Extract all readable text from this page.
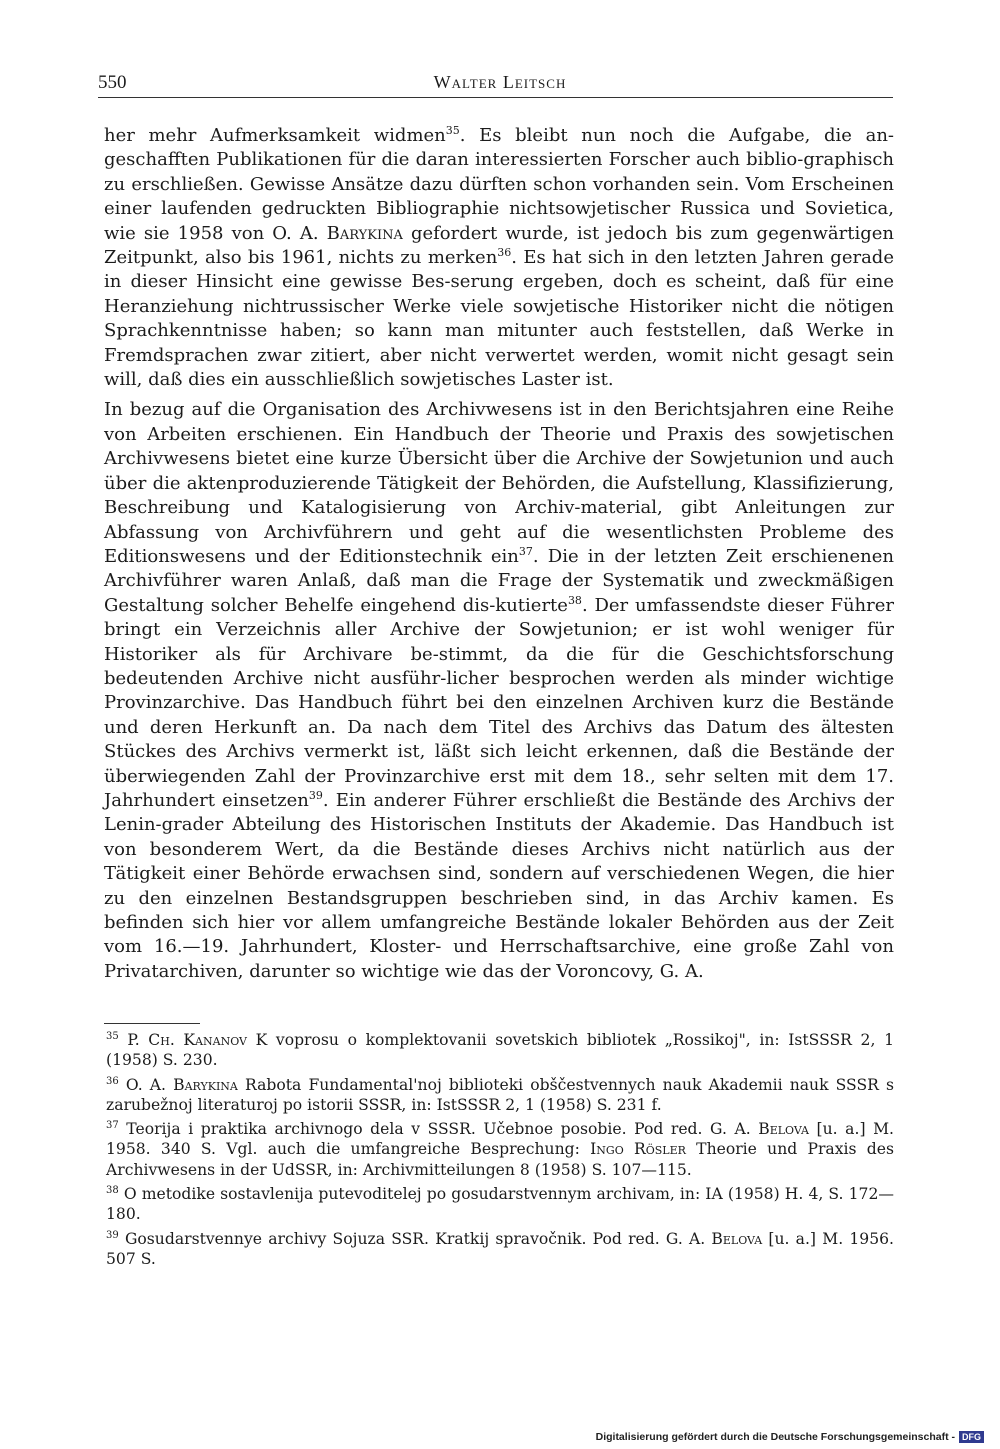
550	Walter Leitsch

her mehr Aufmerksamkeit widmen$^{35}$. Es bleibt nun noch die Aufgabe, die an-geschafften Publikationen für die daran interessierten Forscher auch biblio-graphisch zu erschließen. Gewisse Ansätze dazu dürften schon vorhanden sein. Vom Erscheinen einer laufenden gedruckten Bibliographie nichtsowjetischer Russica und Sovietica, wie sie 1958 von O. A. Barykina gefordert wurde, ist jedoch bis zum gegenwärtigen Zeitpunkt, also bis 1961, nichts zu merken$^{36}$. Es hat sich in den letzten Jahren gerade in dieser Hinsicht eine gewisse Bes-serung ergeben, doch es scheint, daß für eine Heranziehung nichtrussischer Werke viele sowjetische Historiker nicht die nötigen Sprachkenntnisse haben; so kann man mitunter auch feststellen, daß Werke in Fremdsprachen zwar zitiert, aber nicht verwertet werden, womit nicht gesagt sein will, daß dies ein ausschließlich sowjetisches Laster ist.

In bezug auf die Organisation des Archivwesens ist in den Berichtsjahren eine Reihe von Arbeiten erschienen. Ein Handbuch der Theorie und Praxis des sowjetischen Archivwesens bietet eine kurze Übersicht über die Archive der Sowjetunion und auch über die aktenproduzierende Tätigkeit der Behörden, die Aufstellung, Klassifizierung, Beschreibung und Katalogisierung von Archiv-material, gibt Anleitungen zur Abfassung von Archivführern und geht auf die wesentlichsten Probleme des Editionswesens und der Editionstechnik ein$^{37}$. Die in der letzten Zeit erschienenen Archivführer waren Anlaß, daß man die Frage der Systematik und zweckmäßigen Gestaltung solcher Behelfe eingehend dis-kutierte$^{38}$. Der umfassendste dieser Führer bringt ein Verzeichnis aller Archive der Sowjetunion; er ist wohl weniger für Historiker als für Archivare be-stimmt, da die für die Geschichtsforschung bedeutenden Archive nicht ausführ-licher besprochen werden als minder wichtige Provinzarchive. Das Handbuch führt bei den einzelnen Archiven kurz die Bestände und deren Herkunft an. Da nach dem Titel des Archivs das Datum des ältesten Stückes des Archivs vermerkt ist, läßt sich leicht erkennen, daß die Bestände der überwiegenden Zahl der Provinzarchive erst mit dem 18., sehr selten mit dem 17. Jahrhundert einsetzen$^{39}$. Ein anderer Führer erschließt die Bestände des Archivs der Lenin-grader Abteilung des Historischen Instituts der Akademie. Das Handbuch ist von besonderem Wert, da die Bestände dieses Archivs nicht natürlich aus der Tätigkeit einer Behörde erwachsen sind, sondern auf verschiedenen Wegen, die hier zu den einzelnen Bestandsgruppen beschrieben sind, in das Archiv kamen. Es befinden sich hier vor allem umfangreiche Bestände lokaler Behörden aus der Zeit vom 16.—19. Jahrhundert, Kloster- und Herrschaftsarchive, eine große Zahl von Privatarchiven, darunter so wichtige wie das der Voroncovy, G. A.

$^{35}$ P. Ch. Kananov K voprosu o komplektovanii sovetskich bibliotek „Rossikoj", in: IstSSSR 2, 1 (1958) S. 230.
$^{36}$ O. A. Barykina Rabota Fundamental'noj biblioteki obščestvennych nauk Akademii nauk SSSR s zarubežnoj literaturoj po istorii SSSR, in: IstSSSR 2, 1 (1958) S. 231 f.
$^{37}$ Teorija i praktika archivnogo dela v SSSR. Učebnoe posobie. Pod red. G. A. Belova [u. a.] M. 1958. 340 S. Vgl. auch die umfangreiche Besprechung: Ingo Rösler Theorie und Praxis des Archivwesens in der UdSSR, in: Archivmitteilungen 8 (1958) S. 107—115.
$^{38}$ O metodike sostavlenija putevoditelej po gosudarstvennym archivam, in: IA (1958) H. 4, S. 172—180.
$^{39}$ Gosudarstvennye archivy Sojuza SSR. Kratkij spravočnik. Pod red. G. A. Belova [u. a.] M. 1956. 507 S.
Digitalisierung gefördert durch die Deutsche Forschungsgemeinschaft - DFG
